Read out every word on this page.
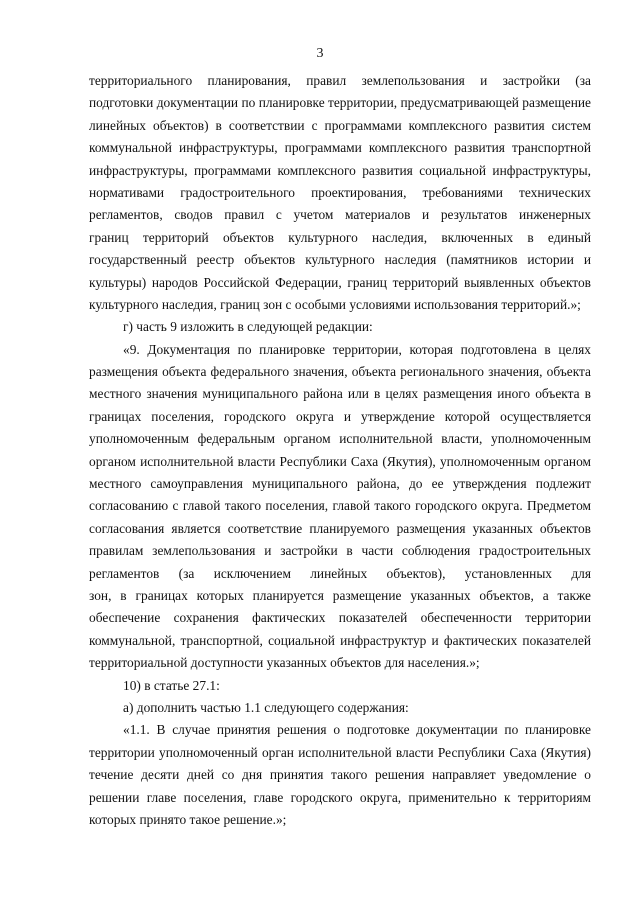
3
территориального планирования, правил землепользования и застройки (за
подготовки документации по планировке территории, предусматривающей размещение
линейных объектов) в соответствии с программами комплексного развития систем
коммунальной инфраструктуры, программами комплексного развития транспортной
инфраструктуры, программами комплексного развития социальной инфраструктуры,
нормативами градостроительного проектирования, требованиями технических
регламентов, сводов правил с учетом материалов и результатов инженерных
границ территорий объектов культурного наследия, включенных в единый
государственный реестр объектов культурного наследия (памятников истории и
культуры) народов Российской Федерации, границ территорий выявленных объектов
культурного наследия, границ зон с особыми условиями использования территорий.»;
г) часть 9 изложить в следующей редакции:
«9. Документация по планировке территории, которая подготовлена в целях
размещения объекта федерального значения, объекта регионального значения, объекта
местного значения муниципального района или в целях размещения иного объекта в
границах поселения, городского округа и утверждение которой осуществляется
уполномоченным федеральным органом исполнительной власти, уполномоченным
органом исполнительной власти Республики Саха (Якутия), уполномоченным органом
местного самоуправления муниципального района, до ее утверждения подлежит
согласованию с главой такого поселения, главой такого городского округа. Предметом
согласования является соответствие планируемого размещения указанных объектов
правилам землепользования и застройки в части соблюдения градостроительных
регламентов (за исключением линейных объектов), установленных для
зон, в границах которых планируется размещение указанных объектов, а также
обеспечение сохранения фактических показателей обеспеченности территории
коммунальной, транспортной, социальной инфраструктур и фактических показателей
территориальной доступности указанных объектов для населения.»;
10) в статье 27.1:
а) дополнить частью 1.1 следующего содержания:
«1.1. В случае принятия решения о подготовке документации по планировке
территории уполномоченный орган исполнительной власти Республики Саха (Якутия)
течение десяти дней со дня принятия такого решения направляет уведомление о
решении главе поселения, главе городского округа, применительно к территориям
которых принято такое решение.»;
